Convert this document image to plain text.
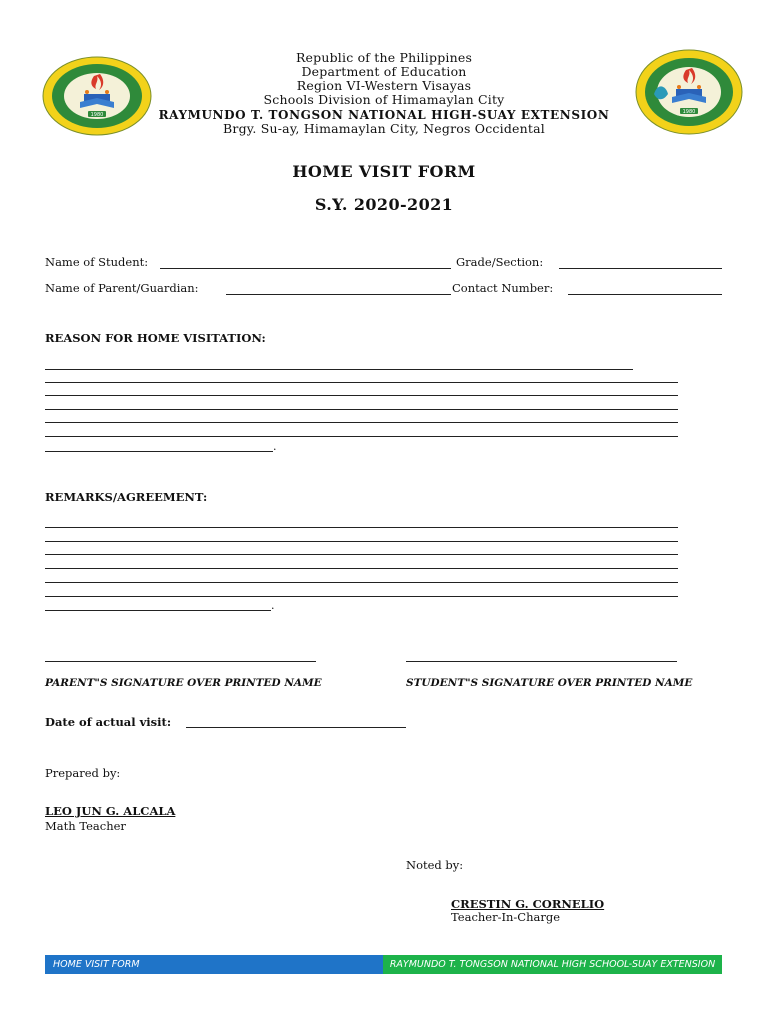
1980	1980
Republic of the Philippines
Department of Education
Region VI-Western Visayas
Schools Division of Himamaylan City
RAYMUNDO T. TONGSON NATIONAL HIGH-SUAY EXTENSION
Brgy. Su-ay, Himamaylan City, Negros Occidental
HOME VISIT FORM
S.Y. 2020-2021
Name of Student:	Grade/Section:
Name of Parent/Guardian:	Contact Number:
REASON FOR HOME VISITATION:
.
REMARKS/AGREEMENT:
.
PARENT"S SIGNATURE OVER PRINTED NAME	STUDENT"S SIGNATURE OVER PRINTED NAME
Date of actual visit:
Prepared by:
LEO JUN G. ALCALA
Math Teacher
Noted by:
CRESTIN G. CORNELIO
Teacher-In-Charge
HOME VISIT FORM	RAYMUNDO T. TONGSON NATIONAL HIGH SCHOOL-SUAY EXTENSION
